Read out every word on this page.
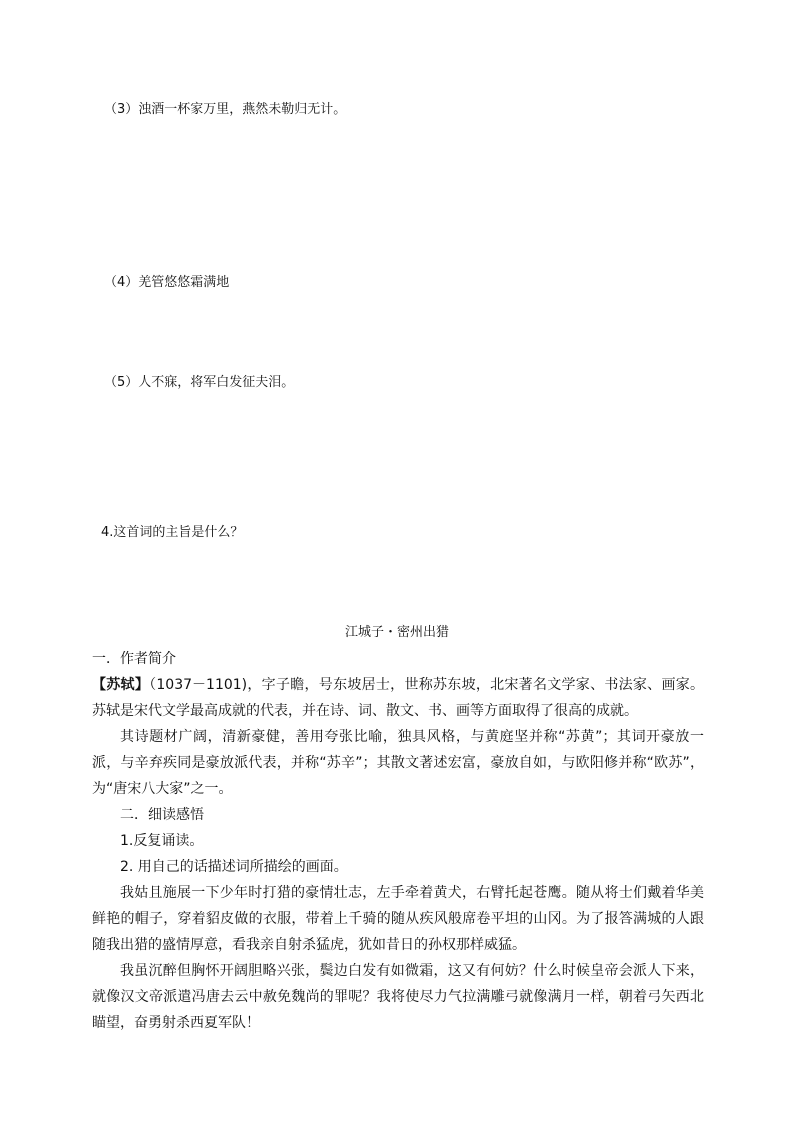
（3）浊酒一杯家万里，燕然未勒归无计。
（4）羌管悠悠霜满地
（5）人不寐，将军白发征夫泪。
4.这首词的主旨是什么？
江城子・密州出猎

一．作者简介

【苏轼】（1037－1101)，字子瞻，号东坡居士，世称苏东坡，北宋著名文学家、书法家、画家。苏轼是宋代文学最高成就的代表，并在诗、词、散文、书、画等方面取得了很高的成就。

其诗题材广阔，清新豪健，善用夸张比喻，独具风格，与黄庭坚并称“苏黄”；其词开豪放一派，与辛弃疾同是豪放派代表，并称“苏辛”；其散文著述宏富，豪放自如，与欧阳修并称“欧苏”，为“唐宋八大家”之一。

二．细读感悟

1.反复诵读。

2. 用自己的话描述词所描绘的画面。

我姑且施展一下少年时打猎的豪情壮志，左手牵着黄犬，右臂托起苍鹰。随从将士们戴着华美鲜艳的帽子，穿着貂皮做的衣服，带着上千骑的随从疾风般席卷平坦的山冈。为了报答满城的人跟随我出猎的盛情厚意，看我亲自射杀猛虎，犹如昔日的孙权那样威猛。

我虽沉醉但胸怀开阔胆略兴张，鬓边白发有如微霜，这又有何妨？什么时候皇帝会派人下来，就像汉文帝派遣冯唐去云中赦免魏尚的罪呢？我将使尽力气拉满雕弓就像满月一样，朝着弓矢西北瞄望，奋勇射杀西夏军队！
